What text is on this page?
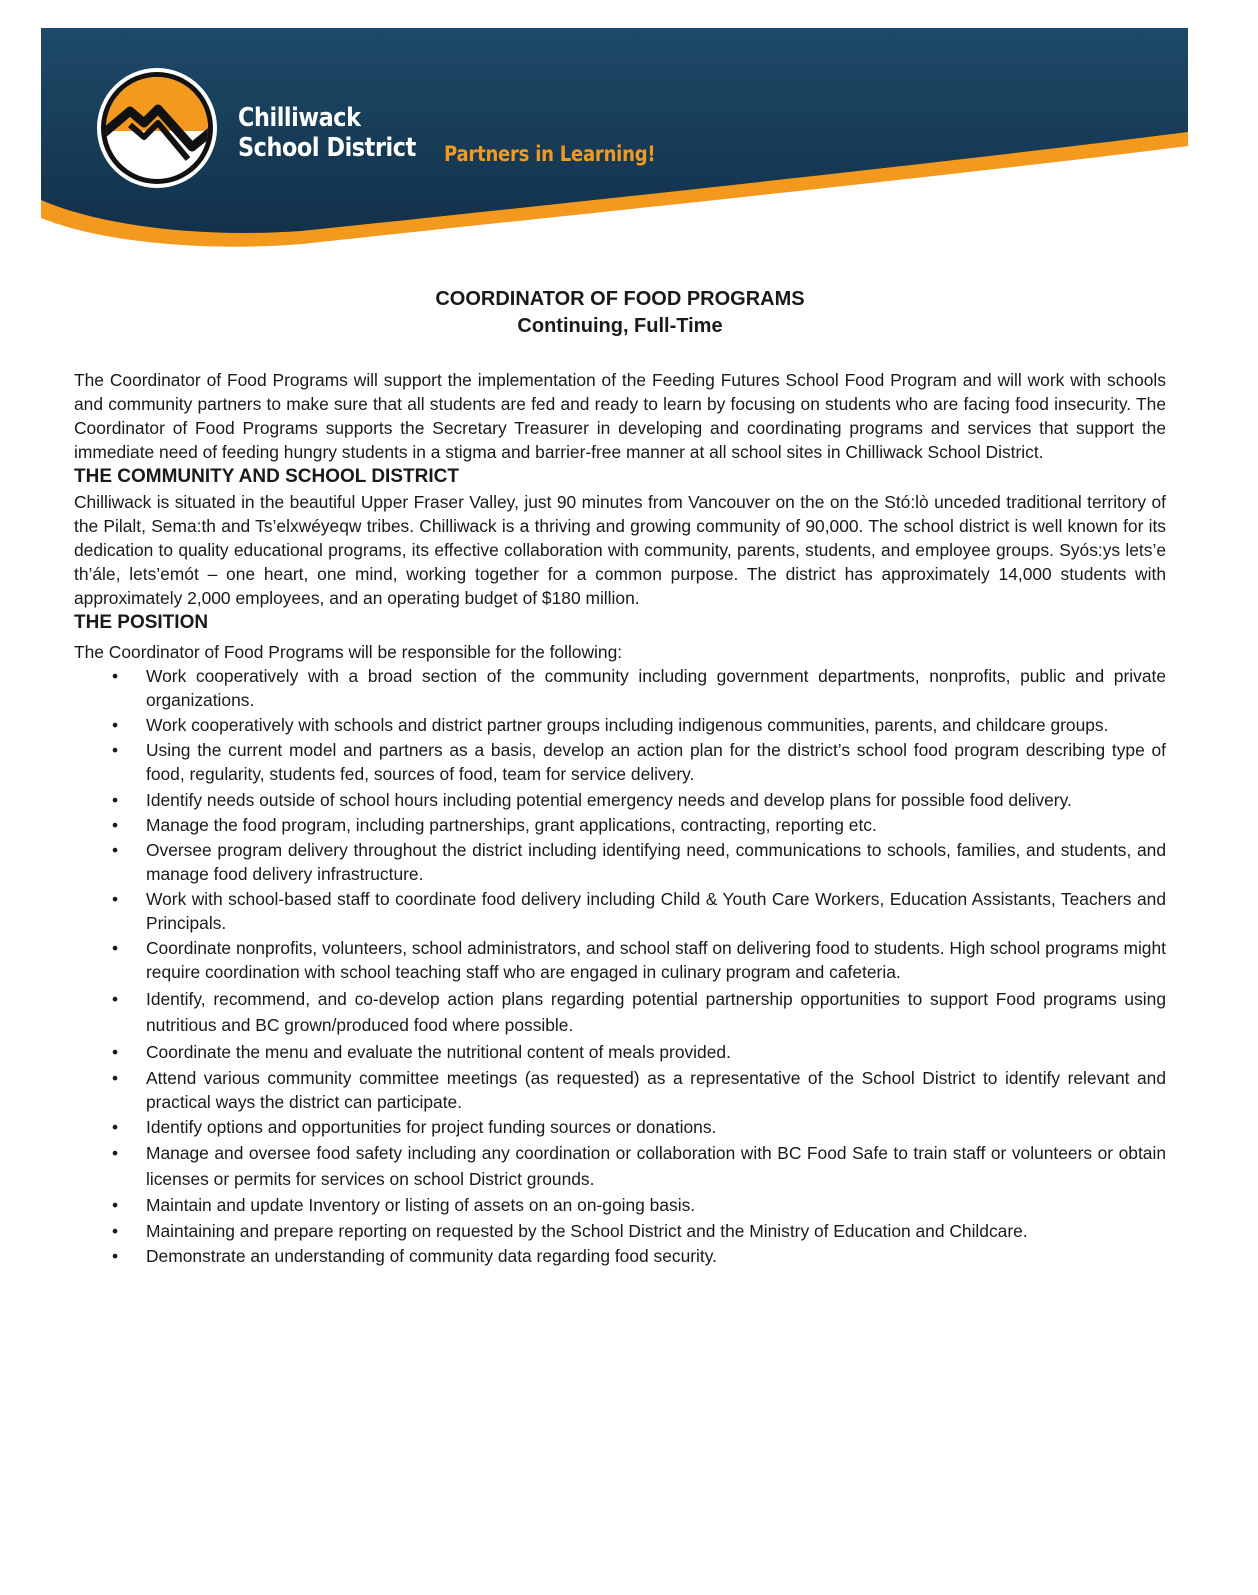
Chilliwack
School District Partners in Learning!
COORDINATOR OF FOOD PROGRAMS

Continuing, Full-Time

The Coordinator of Food Programs will support the implementation of the Feeding Futures School Food Program and will work with schools and community partners to make sure that all students are fed and ready to learn by focusing on students who are facing food insecurity. The Coordinator of Food Programs supports the Secretary Treasurer in developing and coordinating programs and services that support the immediate need of feeding hungry students in a stigma and barrier-free manner at all school sites in Chilliwack School District.

THE COMMUNITY AND SCHOOL DISTRICT

Chilliwack is situated in the beautiful Upper Fraser Valley, just 90 minutes from Vancouver on the on the Stó:lò unceded traditional territory of the Pilalt, Sema:th and Ts’elxwéyeqw tribes. Chilliwack is a thriving and growing community of 90,000. The school district is well known for its dedication to quality educational programs, its effective collaboration with community, parents, students, and employee groups. Syós:ys lets’e th’ále, lets’emót – one heart, one mind, working together for a common purpose. The district has approximately 14,000 students with approximately 2,000 employees, and an operating budget of $180 million.

THE POSITION

The Coordinator of Food Programs will be responsible for the following:

• Work cooperatively with a broad section of the community including government departments, nonprofits, public and private organizations.
• Work cooperatively with schools and district partner groups including indigenous communities, parents, and childcare groups.
• Using the current model and partners as a basis, develop an action plan for the district’s school food program describing type of food, regularity, students fed, sources of food, team for service delivery.
• Identify needs outside of school hours including potential emergency needs and develop plans for possible food delivery.
• Manage the food program, including partnerships, grant applications, contracting, reporting etc.
• Oversee program delivery throughout the district including identifying need, communications to schools, families, and students, and manage food delivery infrastructure.
• Work with school-based staff to coordinate food delivery including Child & Youth Care Workers, Education Assistants, Teachers and Principals.
• Coordinate nonprofits, volunteers, school administrators, and school staff on delivering food to students. High school programs might require coordination with school teaching staff who are engaged in culinary program and cafeteria.
• Identify, recommend, and co-develop action plans regarding potential partnership opportunities to support Food programs using nutritious and BC grown/produced food where possible.
• Coordinate the menu and evaluate the nutritional content of meals provided.
• Attend various community committee meetings (as requested) as a representative of the School District to identify relevant and practical ways the district can participate.
• Identify options and opportunities for project funding sources or donations.
• Manage and oversee food safety including any coordination or collaboration with BC Food Safe to train staff or volunteers or obtain licenses or permits for services on school District grounds.
• Maintain and update Inventory or listing of assets on an on-going basis.
• Maintaining and prepare reporting on requested by the School District and the Ministry of Education and Childcare.
• Demonstrate an understanding of community data regarding food security.
